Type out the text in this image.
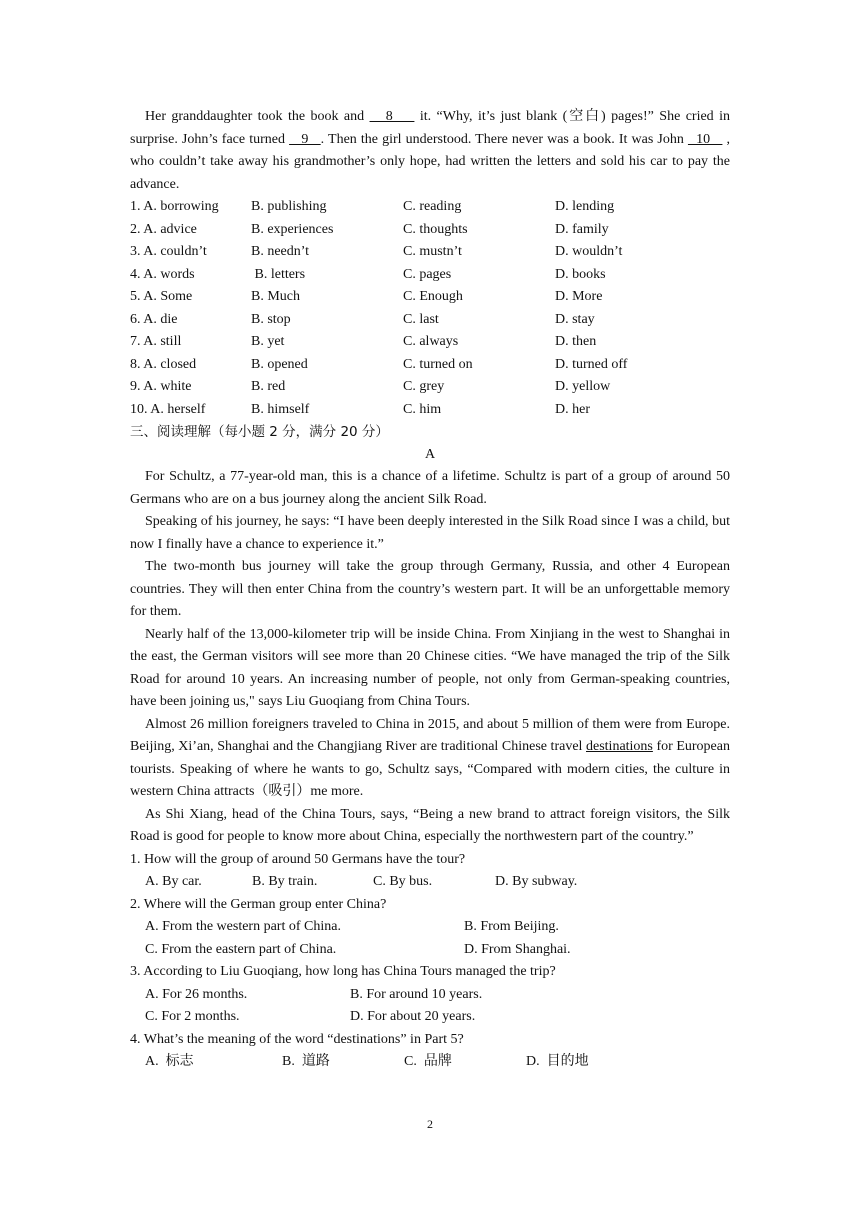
Her granddaughter took the book and    8     it. “Why, it’s just blank (空白) pages!” She cried in surprise. John’s face turned    9   . Then the girl understood. There never was a book. It was John   10    , who couldn’t take away his grandmother’s only hope, had written the letters and sold his car to pay the advance.

1. A. borrowing	B. publishing	C. reading	D. lending
2. A. advice	B. experiences	C. thoughts	D. family
3. A. couldn’t	B. needn’t	C. mustn’t	D. wouldn’t
4. A. words	B. letters	C. pages	D. books
5. A. Some	B. Much	C. Enough	D. More
6. A. die	B. stop	C. last	D. stay
7. A. still	B. yet	C. always	D. then
8. A. closed	B. opened	C. turned on	D. turned off
9. A. white	B. red	C. grey	D. yellow
10. A. herself	B. himself	C. him	D. her

三、阅读理解（每小题 2 分，满分 20 分）

A

For Schultz, a 77-year-old man, this is a chance of a lifetime. Schultz is part of a group of around 50 Germans who are on a bus journey along the ancient Silk Road.

Speaking of his journey, he says: “I have been deeply interested in the Silk Road since I was a child, but now I finally have a chance to experience it.”

The two-month bus journey will take the group through Germany, Russia, and other 4 European countries. They will then enter China from the country’s western part. It will be an unforgettable memory for them.

Nearly half of the 13,000-kilometer trip will be inside China. From Xinjiang in the west to Shanghai in the east, the German visitors will see more than 20 Chinese cities. “We have managed the trip of the Silk Road for around 10 years. An increasing number of people, not only from German-speaking countries, have been joining us," says Liu Guoqiang from China Tours.

Almost 26 million foreigners traveled to China in 2015, and about 5 million of them were from Europe. Beijing, Xi’an, Shanghai and the Changjiang River are traditional Chinese travel destinations for European tourists. Speaking of where he wants to go, Schultz says, “Compared with modern cities, the culture in western China attracts（吸引）me more.

As Shi Xiang, head of the China Tours, says, “Being a new brand to attract foreign visitors, the Silk Road is good for people to know more about China, especially the northwestern part of the country.”

1. How will the group of around 50 Germans have the tour?

A. By car.	B. By train.	C. By bus.	D. By subway.

2. Where will the German group enter China?

A. From the western part of China.	B. From Beijing.
C. From the eastern part of China.	D. From Shanghai.

3. According to Liu Guoqiang, how long has China Tours managed the trip?

A. For 26 months.	B. For around 10 years.
C. For 2 months.	D. For about 20 years.

4. What’s the meaning of the word “destinations” in Part 5?

A.  标志	B.  道路	C.  品牌	D.  目的地
2
